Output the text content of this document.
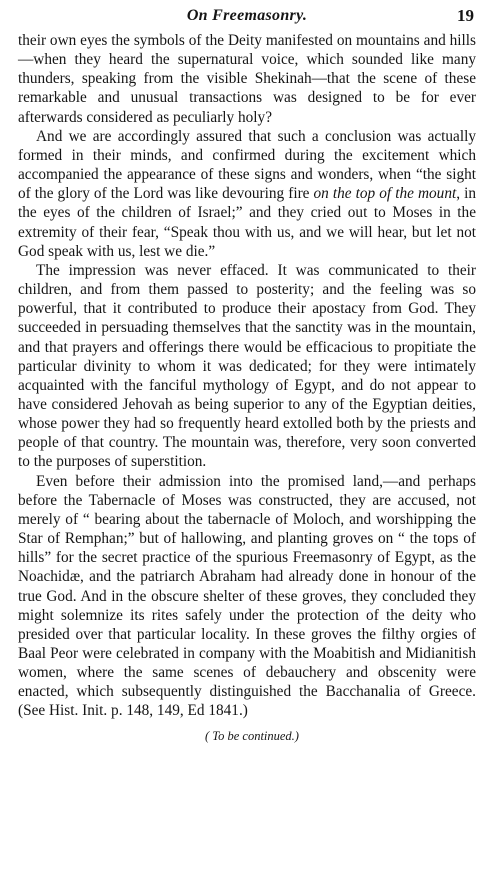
On Freemasonry.	19

their own eyes the symbols of the Deity manifested on mountains and hills—when they heard the supernatural voice, which sounded like many thunders, speaking from the visible Shekinah—that the scene of these remarkable and unusual transactions was designed to be for ever afterwards considered as peculiarly holy?

And we are accordingly assured that such a conclusion was actually formed in their minds, and confirmed during the excitement which accompanied the appearance of these signs and wonders, when “the sight of the glory of the Lord was like devouring fire on the top of the mount, in the eyes of the children of Israel;” and they cried out to Moses in the extremity of their fear, “Speak thou with us, and we will hear, but let not God speak with us, lest we die.”

The impression was never effaced. It was communicated to their children, and from them passed to posterity; and the feeling was so powerful, that it contributed to produce their apostacy from God. They succeeded in persuading themselves that the sanctity was in the mountain, and that prayers and offerings there would be efficacious to propitiate the particular divinity to whom it was dedicated; for they were intimately acquainted with the fanciful mythology of Egypt, and do not appear to have considered Jehovah as being superior to any of the Egyptian deities, whose power they had so frequently heard extolled both by the priests and people of that country. The mountain was, therefore, very soon converted to the purposes of superstition.

Even before their admission into the promised land,—and perhaps before the Tabernacle of Moses was constructed, they are accused, not merely of “ bearing about the tabernacle of Moloch, and worshipping the Star of Remphan;” but of hallowing, and planting groves on “ the tops of hills” for the secret practice of the spurious Freemasonry of Egypt, as the Noachidæ, and the patriarch Abraham had already done in honour of the true God. And in the obscure shelter of these groves, they concluded they might solemnize its rites safely under the protection of the deity who presided over that particular locality. In these groves the filthy orgies of Baal Peor were celebrated in company with the Moabitish and Midianitish women, where the same scenes of debauchery and obscenity were enacted, which subsequently distinguished the Bacchanalia of Greece. (See Hist. Init. p. 148, 149, Ed 1841.)

( To be continued.)
